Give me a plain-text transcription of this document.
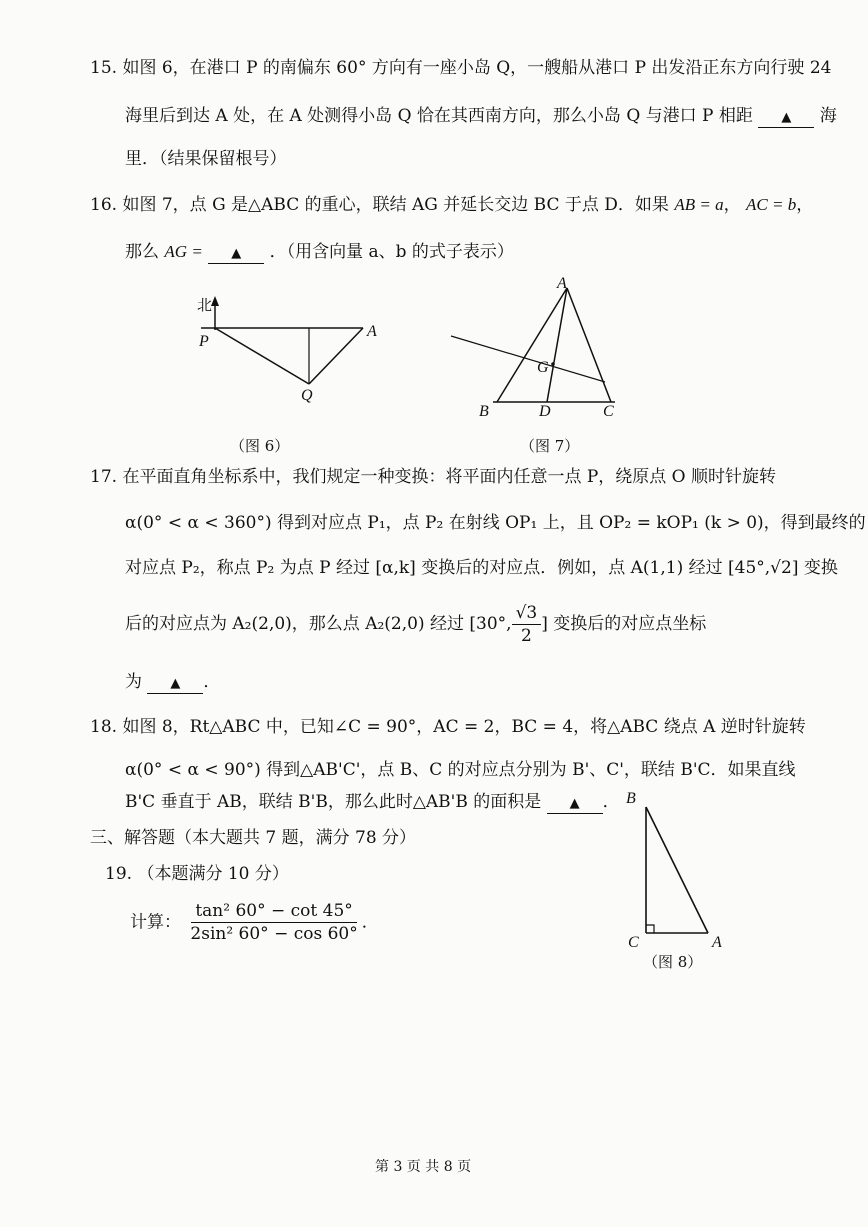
15. 如图 6，在港口 P 的南偏东 60° 方向有一座小岛 Q，一艘船从港口 P 出发沿正东方向行驶 24
海里后到达 A 处，在 A 处测得小岛 Q 恰在其西南方向，那么小岛 Q 与港口 P 相距 ▲ 海
里．（结果保留根号）
16. 如图 7，点 G 是△ABC 的重心，联结 AG 并延长交边 BC 于点 D．如果 AB = a， AC = b，
那么 AG = ▲ ．（用含向量 a、b 的式子表示）
北
P
A
Q
（图 6）
A
G
B	D	C
（图 7）
17. 在平面直角坐标系中，我们规定一种变换：将平面内任意一点 P，绕原点 O 顺时针旋转
α(0° < α < 360°) 得到对应点 P₁，点 P₂ 在射线 OP₁ 上，且 OP₂ = kOP₁ (k > 0)，得到最终的
对应点 P₂，称点 P₂ 为点 P 经过 [α,k] 变换后的对应点．例如，点 A(1,1) 经过 [45°,√2] 变换
后的对应点为 A₂(2,0)，那么点 A₂(2,0) 经过 [30°, $\frac{√3}{2}$ ] 变换后的对应点坐标
为 ▲ ．
18. 如图 8，Rt△ABC 中，已知∠C = 90°，AC = 2，BC = 4，将△ABC 绕点 A 逆时针旋转
α(0° < α < 90°) 得到△AB'C'，点 B、C 的对应点分别为 B'、C'，联结 B'C．如果直线
B'C 垂直于 AB，联结 B'B，那么此时△AB'B 的面积是 ▲ ．
三、解答题（本大题共 7 题，满分 78 分）
19. （本题满分 10 分）
计算： $\frac{\text{tan² 60° − cot 45°}}{\text{2sin² 60° − cos 60°}}$ ．
B
C	A
（图 8）
第 3 页 共 8 页
